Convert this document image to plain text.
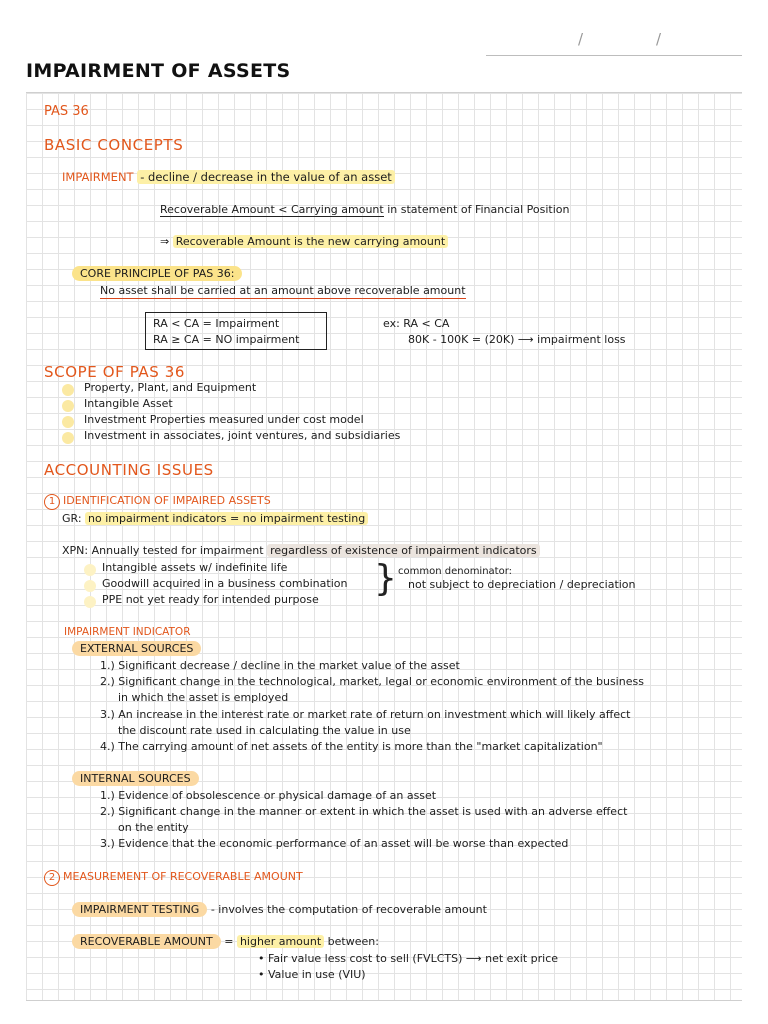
/	/
IMPAIRMENT OF ASSETS
PAS 36
BASIC CONCEPTS
IMPAIRMENT - decline / decrease in the value of an asset
Recoverable Amount < Carrying amount in statement of Financial Position
⇒ Recoverable Amount is the new carrying amount
CORE PRINCIPLE OF PAS 36:
No asset shall be carried at an amount above recoverable amount
RA < CA = Impairment
RA ≥ CA = NO impairment
ex: RA < CA
80K - 100K = (20K) ⟶ impairment loss
SCOPE OF PAS 36
Property, Plant, and Equipment
Intangible Asset
Investment Properties measured under cost model
Investment in associates, joint ventures, and subsidiaries
ACCOUNTING ISSUES
1 IDENTIFICATION OF IMPAIRED ASSETS
GR: no impairment indicators = no impairment testing
XPN: Annually tested for impairment regardless of existence of impairment indicators
Intangible assets w/ indefinite life
Goodwill acquired in a business combination
PPE not yet ready for intended purpose
} common denominator:
not subject to depreciation / depreciation
IMPAIRMENT INDICATOR
EXTERNAL SOURCES
1.) Significant decrease / decline in the market value of the asset
2.) Significant change in the technological, market, legal or economic environment of the business
in which the asset is employed
3.) An increase in the interest rate or market rate of return on investment which will likely affect
the discount rate used in calculating the value in use
4.) The carrying amount of net assets of the entity is more than the "market capitalization"
INTERNAL SOURCES
1.) Evidence of obsolescence or physical damage of an asset
2.) Significant change in the manner or extent in which the asset is used with an adverse effect
on the entity
3.) Evidence that the economic performance of an asset will be worse than expected
2 MEASUREMENT OF RECOVERABLE AMOUNT
IMPAIRMENT TESTING - involves the computation of recoverable amount
RECOVERABLE AMOUNT = higher amount between:
• Fair value less cost to sell (FVLCTS) ⟶ net exit price
• Value in use (VIU)
